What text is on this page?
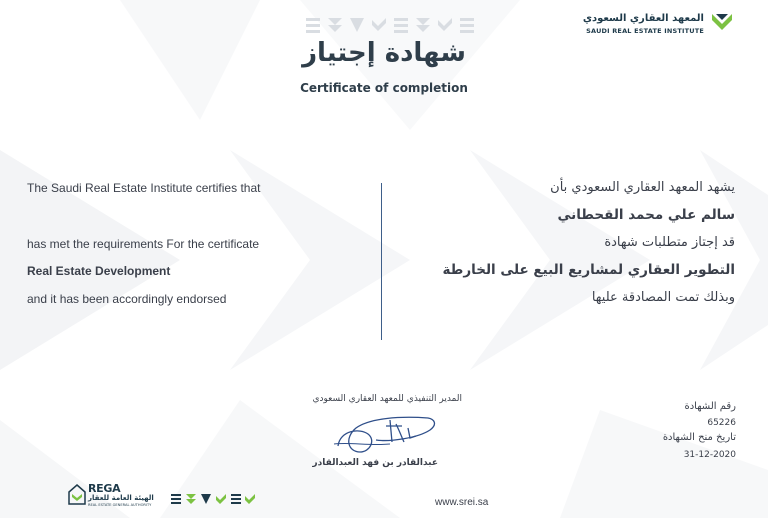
المعهد العقاري السعودي
SAUDI REAL ESTATE INSTITUTE
شهادة إجتياز
Certificate of completion
The Saudi Real Estate Institute certifies that
has met the requirements For the certificate
Real Estate Development
and it has been accordingly endorsed
يشهد المعهد العقاري السعودي بأن
سالم علي محمد القحطاني
قد إجتاز متطلبات شهادة
التطوير العقاري لمشاريع البيع على الخارطة
وبذلك تمت المصادقة عليها
المدير التنفيذي للمعهد العقاري السعودي
عبدالقادر بن فهد العبدالقادر
رقم الشهادة
65226
تاريخ منح الشهادة
31-12-2020
REGA
الهيئة العامة للعقار
REAL ESTATE GENERAL AUTHORITY	www.srei.sa
